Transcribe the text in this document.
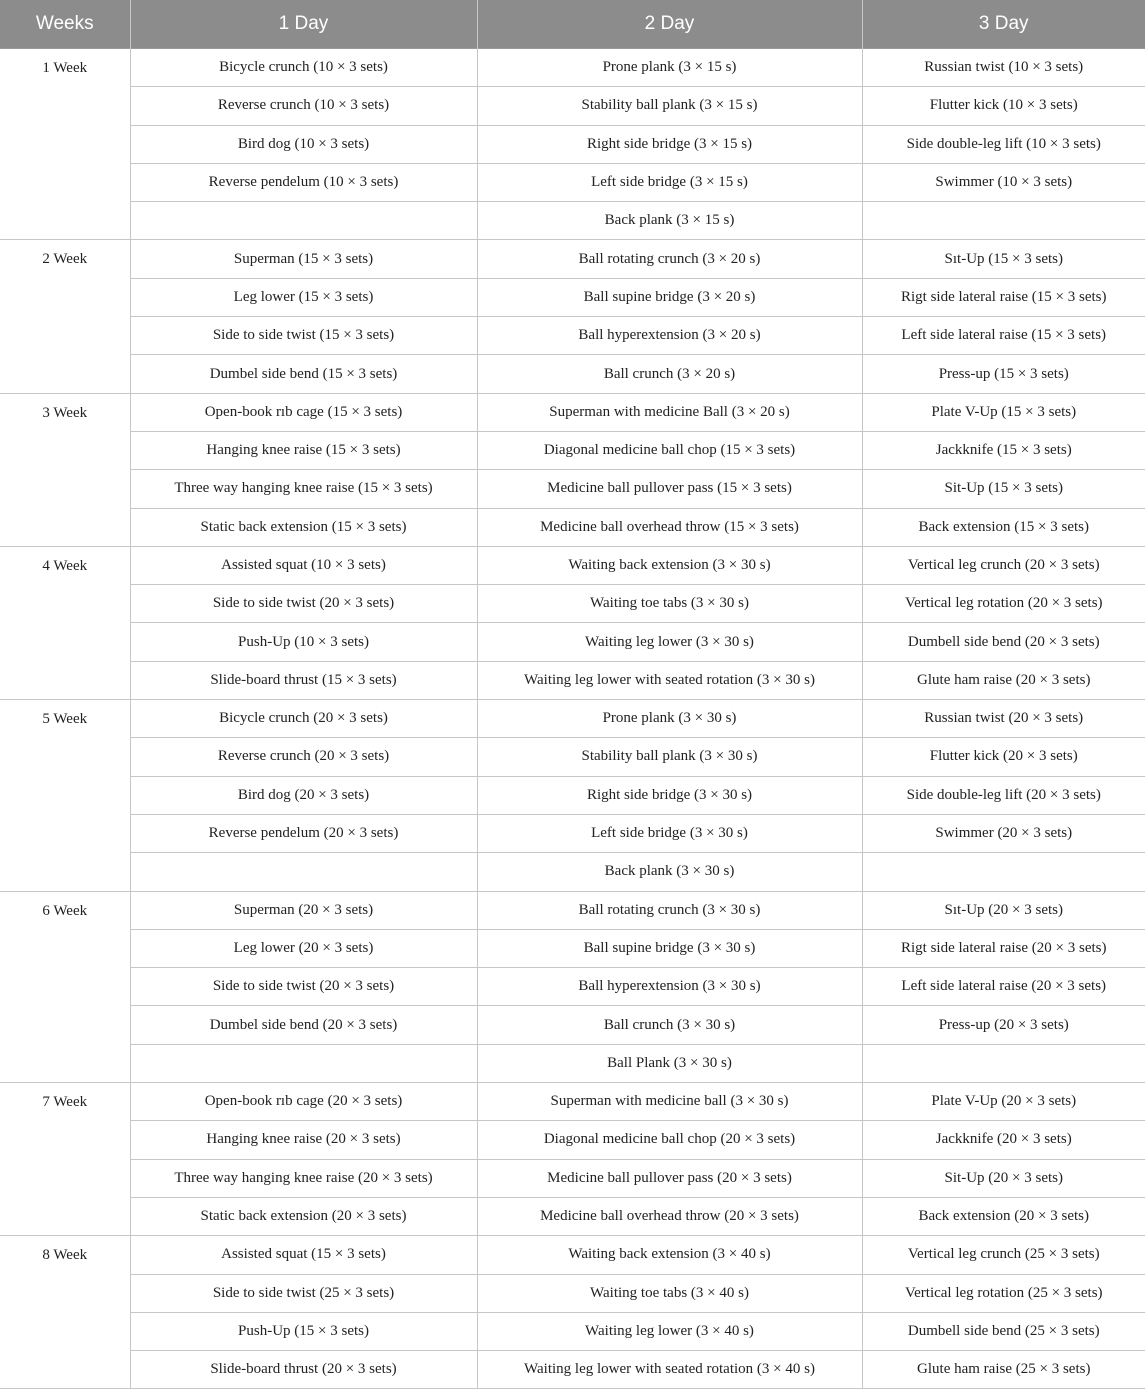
Weeks	1 Day	2 Day	3 Day
1 Week	Bicycle crunch (10 × 3 sets)	Prone plank (3 × 15 s)	Russian twist (10 × 3 sets)
	Reverse crunch (10 × 3 sets)	Stability ball plank (3 × 15 s)	Flutter kick (10 × 3 sets)
	Bird dog (10 × 3 sets)	Right side bridge (3 × 15 s)	Side double-leg lift (10 × 3 sets)
	Reverse pendelum (10 × 3 sets)	Left side bridge (3 × 15 s)	Swimmer (10 × 3 sets)
		Back plank (3 × 15 s)	
2 Week	Superman (15 × 3 sets)	Ball rotating crunch (3 × 20 s)	Sıt-Up (15 × 3 sets)
	Leg lower (15 × 3 sets)	Ball supine bridge (3 × 20 s)	Rigt side lateral raise (15 × 3 sets)
	Side to side twist (15 × 3 sets)	Ball hyperextension (3 × 20 s)	Left side lateral raise (15 × 3 sets)
	Dumbel side bend (15 × 3 sets)	Ball crunch (3 × 20 s)	Press-up (15 × 3 sets)
3 Week	Open-book rıb cage (15 × 3 sets)	Superman with medicine Ball (3 × 20 s)	Plate V-Up (15 × 3 sets)
	Hanging knee raise (15 × 3 sets)	Diagonal medicine ball chop (15 × 3 sets)	Jackknife (15 × 3 sets)
	Three way hanging knee raise (15 × 3 sets)	Medicine ball pullover pass (15 × 3 sets)	Sit-Up (15 × 3 sets)
	Static back extension (15 × 3 sets)	Medicine ball overhead throw (15 × 3 sets)	Back extension (15 × 3 sets)
4 Week	Assisted squat (10 × 3 sets)	Waiting back extension (3 × 30 s)	Vertical leg crunch (20 × 3 sets)
	Side to side twist (20 × 3 sets)	Waiting toe tabs (3 × 30 s)	Vertical leg rotation (20 × 3 sets)
	Push-Up (10 × 3 sets)	Waiting leg lower (3 × 30 s)	Dumbell side bend (20 × 3 sets)
	Slide-board thrust (15 × 3 sets)	Waiting leg lower with seated rotation (3 × 30 s)	Glute ham raise (20 × 3 sets)
5 Week	Bicycle crunch (20 × 3 sets)	Prone plank (3 × 30 s)	Russian twist (20 × 3 sets)
	Reverse crunch (20 × 3 sets)	Stability ball plank (3 × 30 s)	Flutter kick (20 × 3 sets)
	Bird dog (20 × 3 sets)	Right side bridge (3 × 30 s)	Side double-leg lift (20 × 3 sets)
	Reverse pendelum (20 × 3 sets)	Left side bridge (3 × 30 s)	Swimmer (20 × 3 sets)
		Back plank (3 × 30 s)	
6 Week	Superman (20 × 3 sets)	Ball rotating crunch (3 × 30 s)	Sıt-Up (20 × 3 sets)
	Leg lower (20 × 3 sets)	Ball supine bridge (3 × 30 s)	Rigt side lateral raise (20 × 3 sets)
	Side to side twist (20 × 3 sets)	Ball hyperextension (3 × 30 s)	Left side lateral raise (20 × 3 sets)
	Dumbel side bend (20 × 3 sets)	Ball crunch (3 × 30 s)	Press-up (20 × 3 sets)
		Ball Plank (3 × 30 s)	
7 Week	Open-book rıb cage (20 × 3 sets)	Superman with medicine ball (3 × 30 s)	Plate V-Up (20 × 3 sets)
	Hanging knee raise (20 × 3 sets)	Diagonal medicine ball chop (20 × 3 sets)	Jackknife (20 × 3 sets)
	Three way hanging knee raise (20 × 3 sets)	Medicine ball pullover pass (20 × 3 sets)	Sit-Up (20 × 3 sets)
	Static back extension (20 × 3 sets)	Medicine ball overhead throw (20 × 3 sets)	Back extension (20 × 3 sets)
8 Week	Assisted squat (15 × 3 sets)	Waiting back extension (3 × 40 s)	Vertical leg crunch (25 × 3 sets)
	Side to side twist (25 × 3 sets)	Waiting toe tabs (3 × 40 s)	Vertical leg rotation (25 × 3 sets)
	Push-Up (15 × 3 sets)	Waiting leg lower (3 × 40 s)	Dumbell side bend (25 × 3 sets)
	Slide-board thrust (20 × 3 sets)	Waiting leg lower with seated rotation (3 × 40 s)	Glute ham raise (25 × 3 sets)
